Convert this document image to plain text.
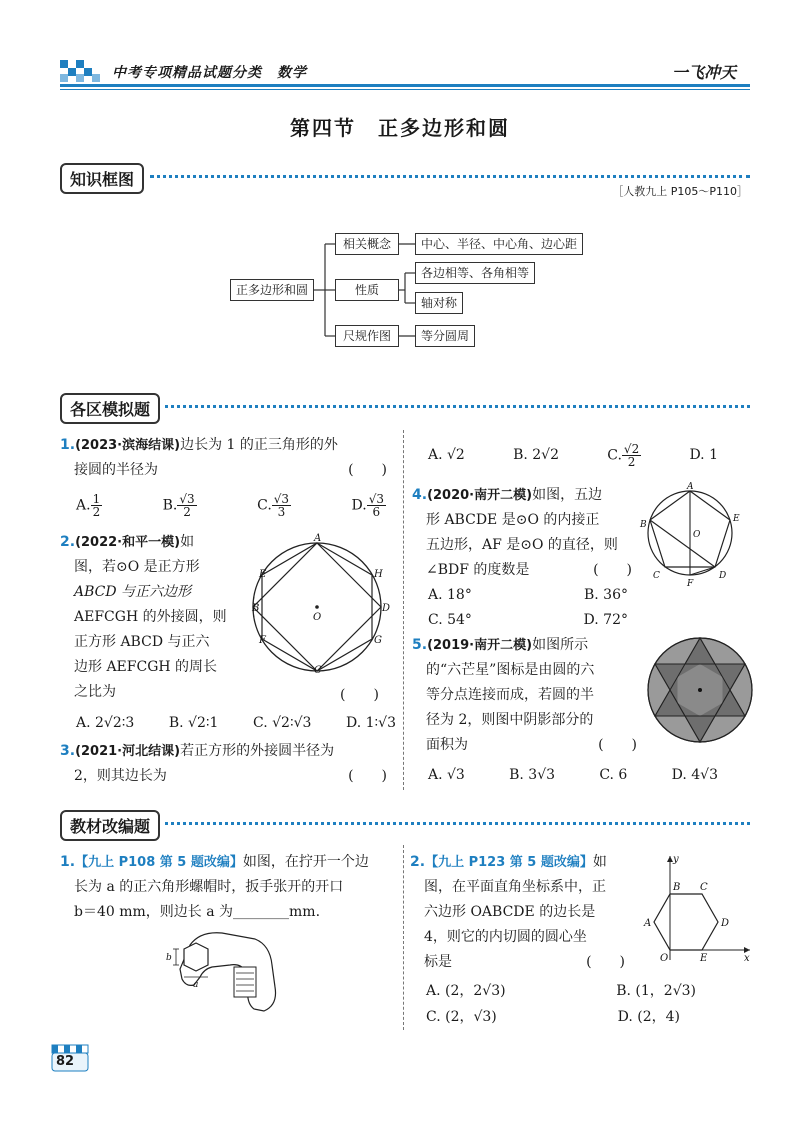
中考专项精品试题分类　数学	一飞冲天
第四节　正多边形和圆
知识框图
［人教九上 P105～P110］
正多边形和圆
相关概念
性质
尺规作图
中心、半径、中心角、边心距
各边相等、各角相等
轴对称
等分圆周
各区模拟题
1.(2023·滨海结课)边长为 1 的正三角形的外
接圆的半径为	(　　)
A. $\frac{1}{2}$	B. $\frac{√3}{2}$	C. $\frac{√3}{3}$	D. $\frac{√3}{6}$
2.(2022·和平一模)如
图，若⊙O 是正方形
ABCD 与正六边形
AEFCGH 的外接圆，则
正方形 ABCD 与正六
边形 AEFCGH 的周长
之比为	(　　)
A. 2√2∶3 B. √2∶1 C. √2∶√3 D. 1∶√3
A
E
B
F
C
G
D
H
O
3.(2021·河北结课)若正方形的外接圆半径为
2，则其边长为	(　　)
A. √2	B. 2√2	C. $\frac{√2}{2}$	D. 1
4.(2020·南开二模)如图，五边
形 ABCDE 是⊙O 的内接正
五边形，AF 是⊙O 的直径，则
∠BDF 的度数是	(　　)
A. 18°	B. 36°
C. 54°	D. 72°
A
B
C	D
E
F
O
5.(2019·南开二模)如图所示
的“六芒星”图标是由圆的六
等分点连接而成，若圆的半
径为 2，则图中阴影部分的
面积为	(　　)
A. √3	B. 3√3	C. 6	D. 4√3
教材改编题
1.【九上 P108 第 5 题改编】如图，在拧开一个边
长为 a 的正六角形螺帽时，扳手张开的开口
b＝40 mm，则边长 a 为________mm.
b
a
2.【九上 P123 第 5 题改编】如
图，在平面直角坐标系中，正
六边形 OABCDE 的边长是
4，则它的内切圆的圆心坐
标是	(　　)
A. (2，2√3)	B. (1，2√3)
C. (2，√3)	D. (2，4)
y
x
O	E
D
C
B
A
82
